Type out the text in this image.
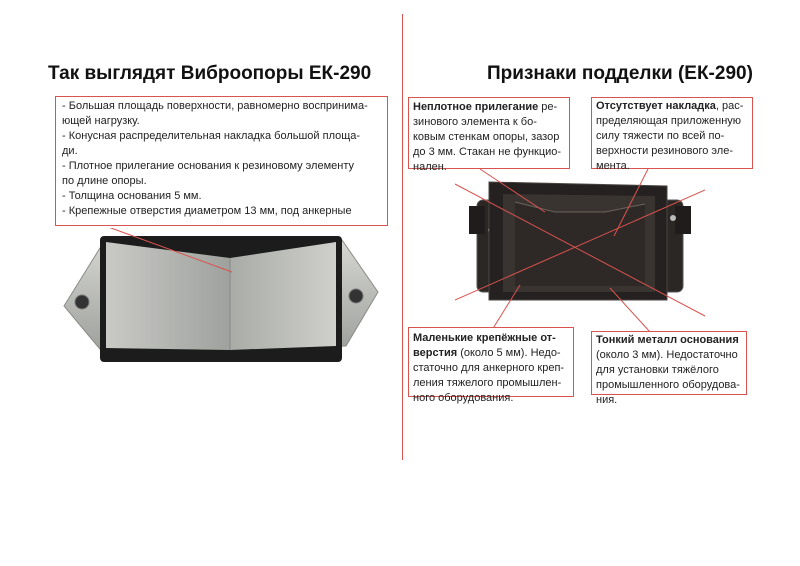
Так выглядят Виброопоры ЕК-290	Признаки подделки (ЕК-290)
- Большая площадь поверхности, равномерно воспринима-
ющей нагрузку.
- Конусная распределительная накладка большой площа-
ди.
- Плотное прилегание основания к резиновому элементу
по длине опоры.
- Толщина основания 5 мм.
- Крепежные отверстия диаметром 13 мм, под анкерные
Неплотное прилегание ре-
зинового элемента к бо-
ковым стенкам опоры, зазор
до 3 мм. Стакан не функцио-
нален.
Отсутствует накладка, рас-
пределяющая приложенную
силу тяжести по всей по-
верхности резинового эле-
мента.
Маленькие крепёжные от-
верстия (около 5 мм). Недо-
статочно для анкерного креп-
ления тяжелого промышлен-
ного оборудования.
Тонкий металл основания
(около 3 мм). Недостаточно
для установки тяжёлого
промышленного оборудова-
ния.
